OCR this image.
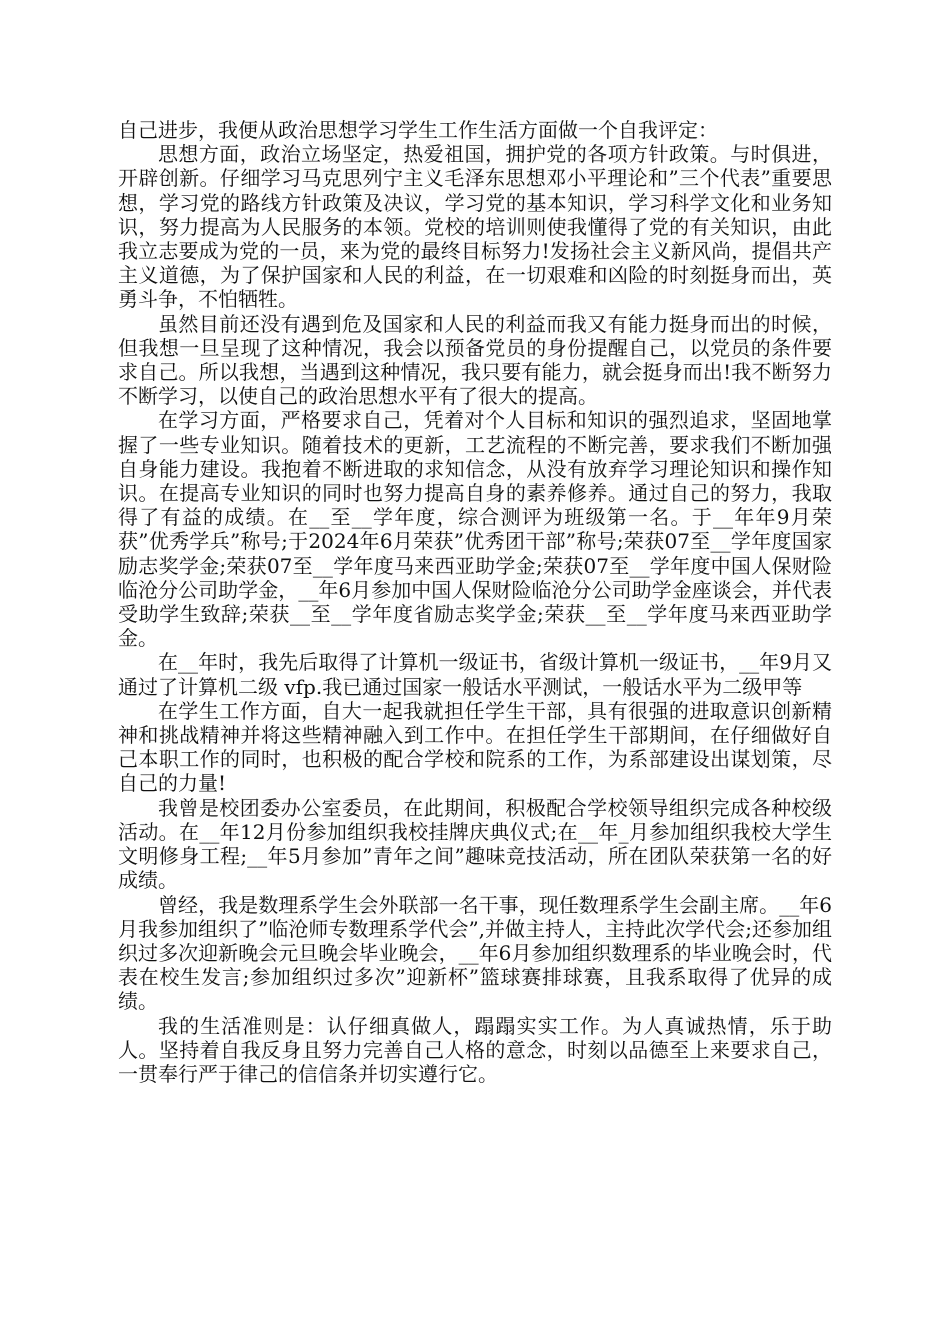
自己进步，我便从政治思想学习学生工作生活方面做一个自我评定：

思想方面，政治立场坚定，热爱祖国，拥护党的各项方针政策。与时俱进，开辟创新。仔细学习马克思列宁主义毛泽东思想邓小平理论和”三个代表”重要思想，学习党的路线方针政策及决议，学习党的基本知识，学习科学文化和业务知识，努力提高为人民服务的本领。党校的培训则使我懂得了党的有关知识，由此我立志要成为党的一员，来为党的最终目标努力!发扬社会主义新风尚，提倡共产主义道德，为了保护国家和人民的利益，在一切艰难和凶险的时刻挺身而出，英勇斗争，不怕牺牲。

虽然目前还没有遇到危及国家和人民的利益而我又有能力挺身而出的时候，但我想一旦呈现了这种情况，我会以预备党员的身份提醒自己，以党员的条件要求自己。所以我想，当遇到这种情况，我只要有能力，就会挺身而出!我不断努力不断学习，以使自己的政治思想水平有了很大的提高。

在学习方面，严格要求自己，凭着对个人目标和知识的强烈追求，坚固地掌握了一些专业知识。随着技术的更新，工艺流程的不断完善，要求我们不断加强自身能力建设。我抱着不断进取的求知信念，从没有放弃学习理论知识和操作知识。在提高专业知识的同时也努力提高自身的素养修养。通过自己的努力，我取得了有益的成绩。在__至__学年度，综合测评为班级第一名。于__年年9月荣获”优秀学兵”称号;于2024年6月荣获”优秀团干部”称号;荣获07至__学年度国家励志奖学金;荣获07至__学年度马来西亚助学金;荣获07至__学年度中国人保财险临沧分公司助学金，__年6月参加中国人保财险临沧分公司助学金座谈会，并代表受助学生致辞;荣获__至__学年度省励志奖学金;荣获__至__学年度马来西亚助学金。

在__年时，我先后取得了计算机一级证书，省级计算机一级证书，__年9月又通过了计算机二级 vfp.我已通过国家一般话水平测试，一般话水平为二级甲等

在学生工作方面，自大一起我就担任学生干部，具有很强的进取意识创新精神和挑战精神并将这些精神融入到工作中。在担任学生干部期间，在仔细做好自己本职工作的同时，也积极的配合学校和院系的工作，为系部建设出谋划策，尽自己的力量!

我曾是校团委办公室委员，在此期间，积极配合学校领导组织完成各种校级活动。在__年12月份参加组织我校挂牌庆典仪式;在__年_月参加组织我校大学生文明修身工程;__年5月参加”青年之间”趣味竞技活动，所在团队荣获第一名的好成绩。

曾经，我是数理系学生会外联部一名干事，现任数理系学生会副主席。__年6月我参加组织了”临沧师专数理系学代会”,并做主持人，主持此次学代会;还参加组织过多次迎新晚会元旦晚会毕业晚会，__年6月参加组织数理系的毕业晚会时，代表在校生发言;参加组织过多次”迎新杯”篮球赛排球赛，且我系取得了优异的成绩。

我的生活准则是：认仔细真做人，蹋蹋实实工作。为人真诚热情，乐于助人。坚持着自我反身且努力完善自己人格的意念，时刻以品德至上来要求自己，一贯奉行严于律己的信信条并切实遵行它。
